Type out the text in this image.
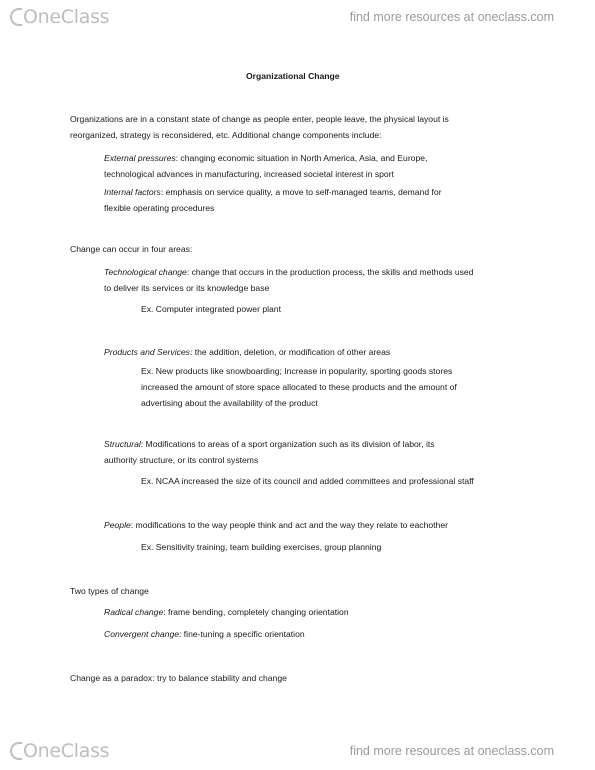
OneClass	find more resources at oneclass.com
Organizational Change
Organizations are in a constant state of change as people enter, people leave, the physical layout is
reorganized, strategy is reconsidered, etc. Additional change components include:
External pressures: changing economic situation in North America, Asia, and Europe,
technological advances in manufacturing, increased societal interest in sport
Internal factors: emphasis on service quality, a move to self-managed teams, demand for
flexible operating procedures
Change can occur in four areas:
Technological change: change that occurs in the production process, the skills and methods used
to deliver its services or its knowledge base
Ex. Computer integrated power plant
Products and Services: the addition, deletion, or modification of other areas
Ex. New products like snowboarding; Increase in popularity, sporting goods stores
increased the amount of store space allocated to these products and the amount of
advertising about the availability of the product
Structural: Modifications to areas of a sport organization such as its division of labor, its
authority structure, or its control systems
Ex. NCAA increased the size of its council and added committees and professional staff
People: modifications to the way people think and act and the way they relate to eachother
Ex. Sensitivity training, team building exercises, group planning
Two types of change
Radical change: frame bending, completely changing orientation
Convergent change: fine-tuning a specific orientation
Change as a paradox: try to balance stability and change
OneClass	find more resources at oneclass.com
